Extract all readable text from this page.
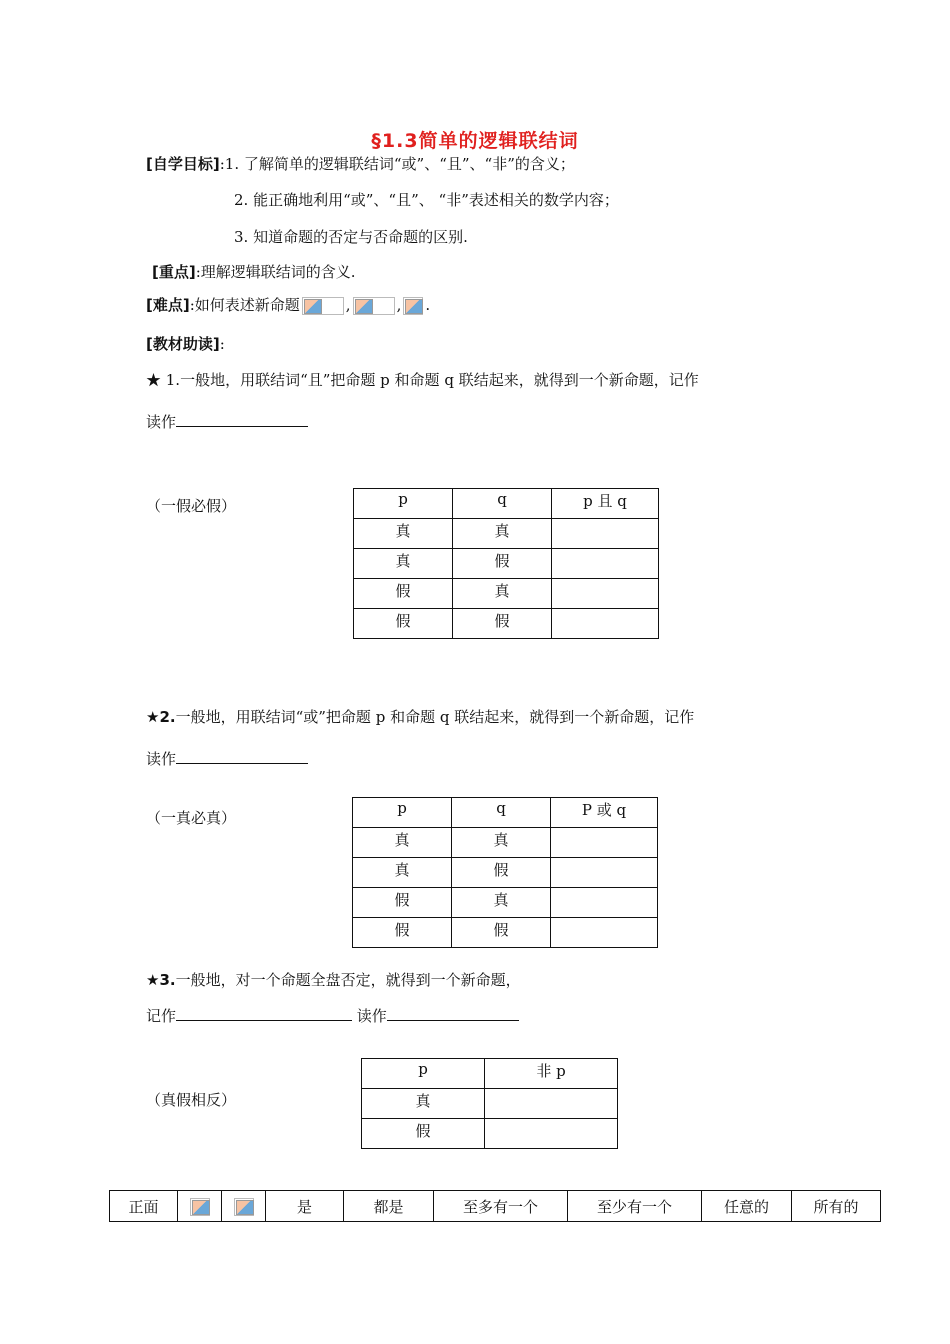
§1.3简单的逻辑联结词
[自学目标]:1. 了解简单的逻辑联结词“或”、“且”、“非”的含义；
2. 能正确地利用“或”、“且”、 “非”表述相关的数学内容；
3. 知道命题的否定与否命题的区别.
[重点]:理解逻辑联结词的含义.
[难点]:如何表述新命题	,	, .
[教材助读]:
★ 1.一般地，用联结词“且”把命题 p 和命题 q 联结起来，就得到一个新命题，记作
读作
（一假必假）	p	q	p 且 q
真	真	
真	假	
假	真	
假	假	
★2.一般地，用联结词“或”把命题 p 和命题 q 联结起来，就得到一个新命题，记作
读作
（一真必真）
p	q	P 或 q
真	真	
真	假	
假	真	
假	假	
★3.一般地，对一个命题全盘否定，就得到一个新命题，
记作	读作
（真假相反）
p	非 p
真	
假	
正面			是	都是	至多有一个	至少有一个	任意的	所有的
